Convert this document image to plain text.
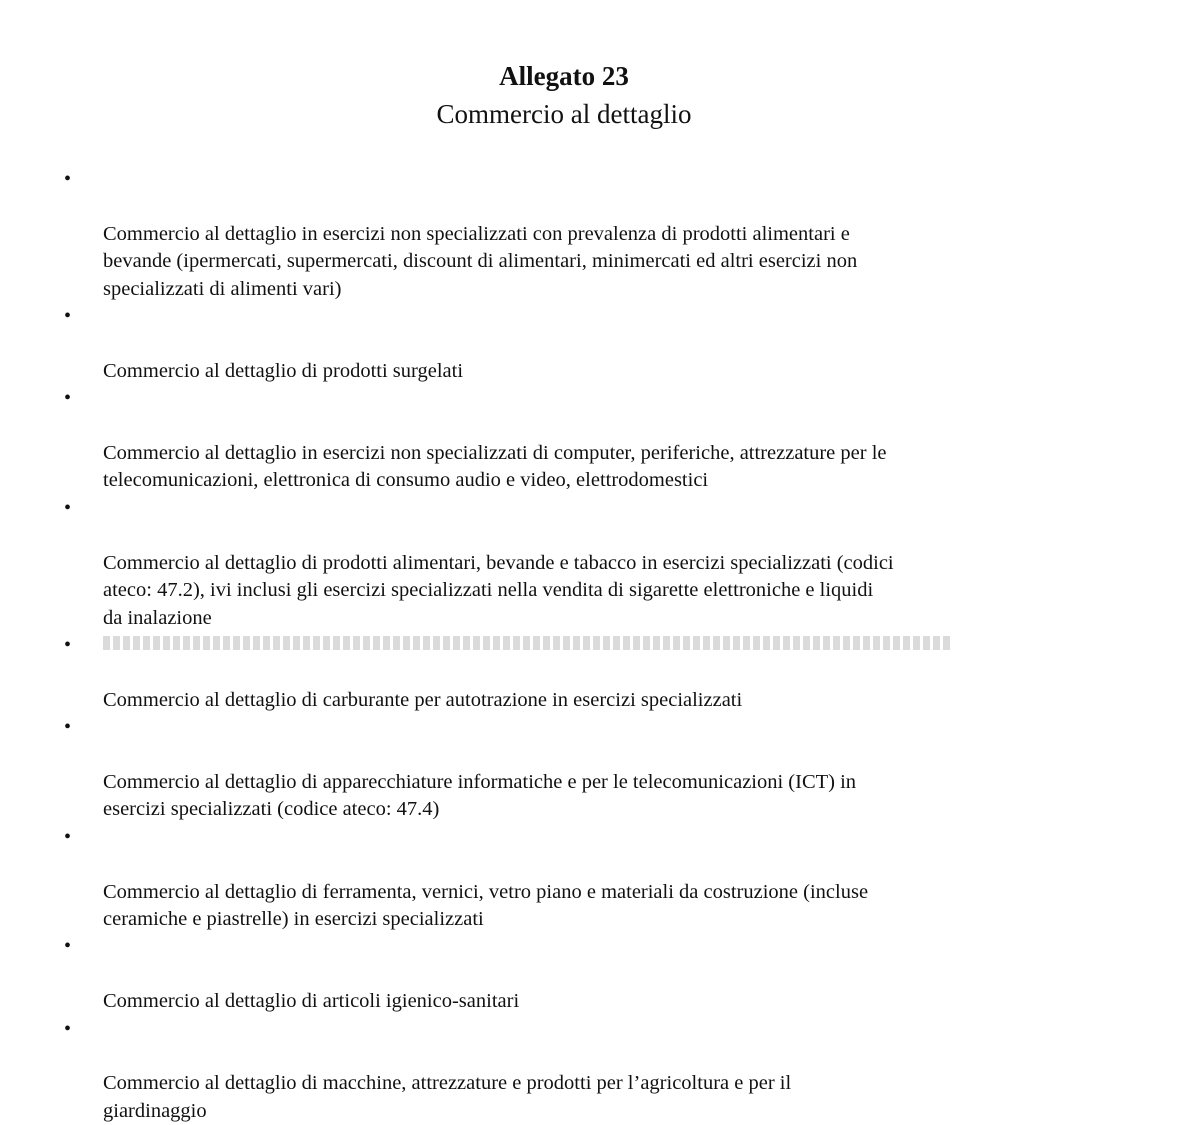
Allegato 23
Commercio al dettaglio

•

Commercio al dettaglio in esercizi non specializzati con prevalenza di prodotti alimentari e
bevande (ipermercati, supermercati, discount di alimentari, minimercati ed altri esercizi non
specializzati di alimenti vari)

•

Commercio al dettaglio di prodotti surgelati

•

Commercio al dettaglio in esercizi non specializzati di computer, periferiche, attrezzature per le
telecomunicazioni, elettronica di consumo audio e video, elettrodomestici

•

Commercio al dettaglio di prodotti alimentari, bevande e tabacco in esercizi specializzati (codici
ateco: 47.2), ivi inclusi gli esercizi specializzati nella vendita di sigarette elettroniche e liquidi
da inalazione

•

Commercio al dettaglio di carburante per autotrazione in esercizi specializzati

•

Commercio al dettaglio di apparecchiature informatiche e per le telecomunicazioni (ICT) in
esercizi specializzati (codice ateco: 47.4)

•

Commercio al dettaglio di ferramenta, vernici, vetro piano e materiali da costruzione (incluse
ceramiche e piastrelle) in esercizi specializzati

•

Commercio al dettaglio di articoli igienico-sanitari

•

Commercio al dettaglio di macchine, attrezzature e prodotti per l’agricoltura e per il
giardinaggio
